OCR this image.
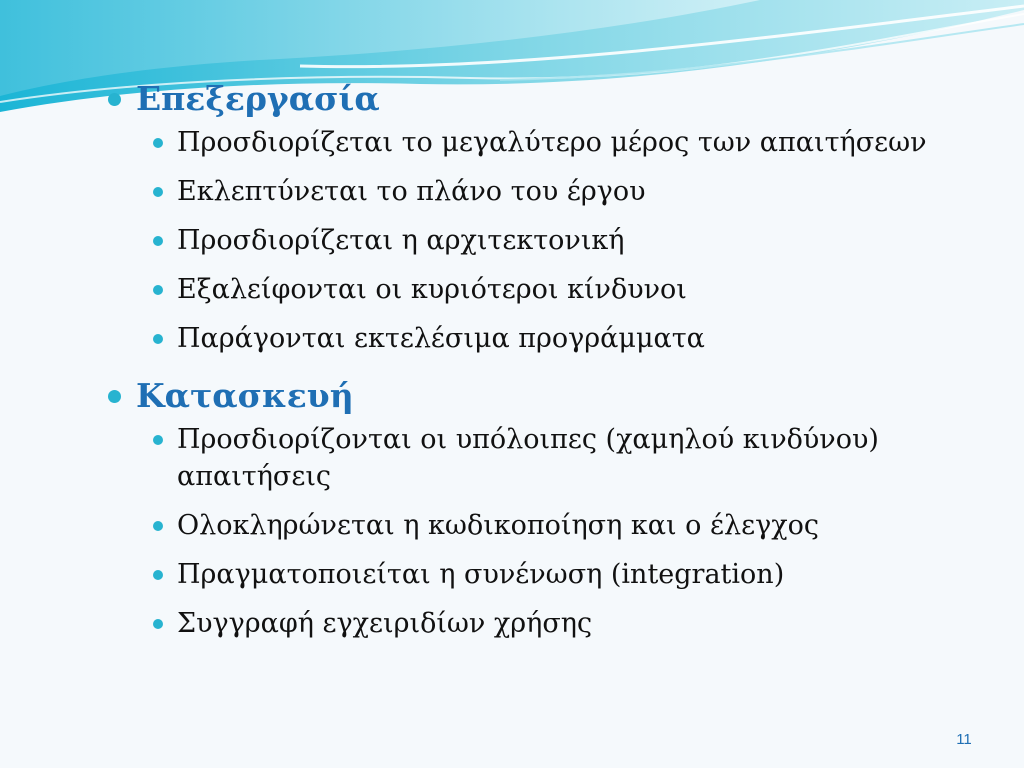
Επεξεργασία
Προσδιορίζεται το μεγαλύτερο μέρος των απαιτήσεων
Εκλεπτύνεται το πλάνο του έργου
Προσδιορίζεται η αρχιτεκτονική
Εξαλείφονται οι κυριότεροι κίνδυνοι
Παράγονται εκτελέσιμα προγράμματα
Κατασκευή
Προσδιορίζονται οι υπόλοιπες (χαμηλού κινδύνου) απαιτήσεις
Ολοκληρώνεται η κωδικοποίηση και ο έλεγχος
Πραγματοποιείται η συνένωση (integration)
Συγγραφή εγχειριδίων χρήσης
11
